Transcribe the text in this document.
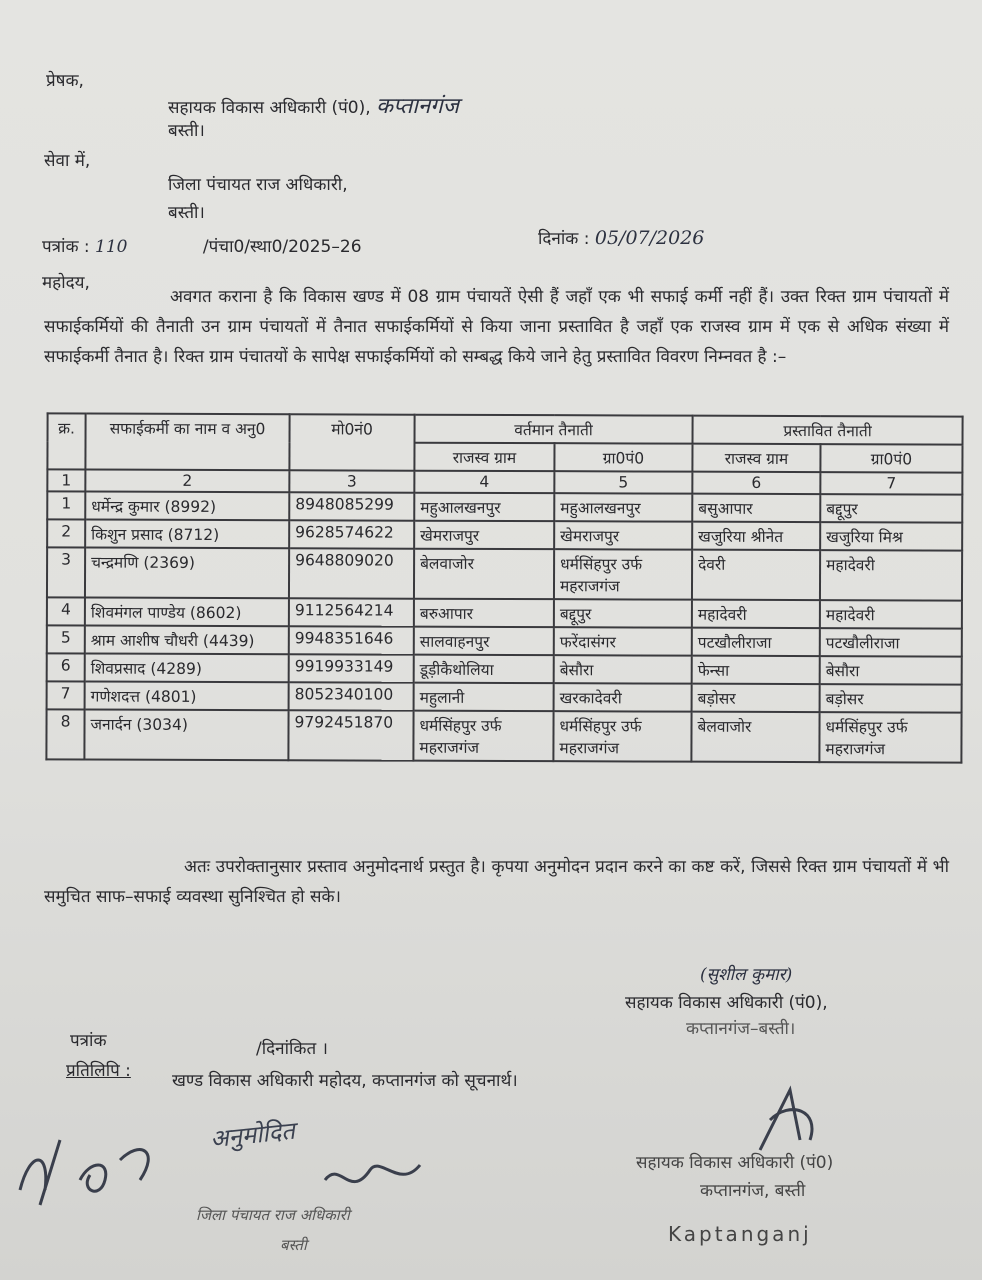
प्रेषक,
सहायक विकास अधिकारी (पं0), कप्तानगंज
बस्ती।
सेवा में,
जिला पंचायत राज अधिकारी,
बस्ती।
पत्रांक : 110	/पंचा0/स्था0/2025–26	दिनांक : 05/07/2026
महोदय,
अवगत कराना है कि विकास खण्ड में 08 ग्राम पंचायतें ऐसी हैं जहाँ एक भी सफाई कर्मी नहीं हैं। उक्त रिक्त ग्राम पंचायतों में सफाईकर्मियों की तैनाती उन ग्राम पंचायतों में तैनात सफाईकर्मियों से किया जाना प्रस्तावित है जहाँ एक राजस्व ग्राम में एक से अधिक संख्या में सफाईकर्मी तैनात है। रिक्त ग्राम पंचातयों के सापेक्ष सफाईकर्मियों को सम्बद्ध किये जाने हेतु प्रस्तावित विवरण निम्नवत है :–
क्र.	सफाईकर्मी का नाम व अनु0	मो0नं0	वर्तमान तैनाती		प्रस्तावित तैनाती	
			राजस्व ग्राम	ग्रा0पं0	राजस्व ग्राम	ग्रा0पं0
1	2	3	4	5	6	7
1	धर्मेन्द्र कुमार (8992)	8948085299	महुआलखनपुर	महुआलखनपुर	बसुआपार	बद्दूपुर
2	किशुन प्रसाद (8712)	9628574622	खेमराजपुर	खेमराजपुर	खजुरिया श्रीनेत	खजुरिया मिश्र
3	चन्द्रमणि (2369)	9648809020	बेलवाजोर	धर्मसिंहपुर उर्फ महराजगंज	देवरी	महादेवरी
4	शिवमंगल पाण्डेय (8602)	9112564214	बरुआपार	बद्दूपुर	महादेवरी	महादेवरी
5	श्राम आशीष चौधरी (4439)	9948351646	सालवाहनपुर	फरेंदासंगर	पटखौलीराजा	पटखौलीराजा
6	शिवप्रसाद (4289)	9919933149	डूड़ीकैथोलिया	बेसौरा	फेन्सा	बेसौरा
7	गणेशदत्त (4801)	8052340100	महुलानी	खरकादेवरी	बड़ोसर	बड़ोसर
8	जनार्दन (3034)	9792451870	धर्मसिंहपुर उर्फ महराजगंज	धर्मसिंहपुर उर्फ महराजगंज	बेलवाजोर	धर्मसिंहपुर उर्फ महराजगंज
अतः उपरोक्तानुसार प्रस्ताव अनुमोदनार्थ प्रस्तुत है। कृपया अनुमोदन प्रदान करने का कष्ट करें, जिससे रिक्त ग्राम पंचायतों में भी समुचित साफ–सफाई व्यवस्था सुनिश्चित हो सके।
(सुशील कुमार)
सहायक विकास अधिकारी (पं0),
कप्तानगंज–बस्ती।
पत्रांक	/दिनांकित ।
प्रतिलिपि : खण्ड विकास अधिकारी महोदय, कप्तानगंज को सूचनार्थ।
अनुमोदित
जिला पंचायत राज अधिकारी
बस्ती
सहायक विकास अधिकारी (पं0)
कप्तानगंज, बस्ती
Kaptanganj
